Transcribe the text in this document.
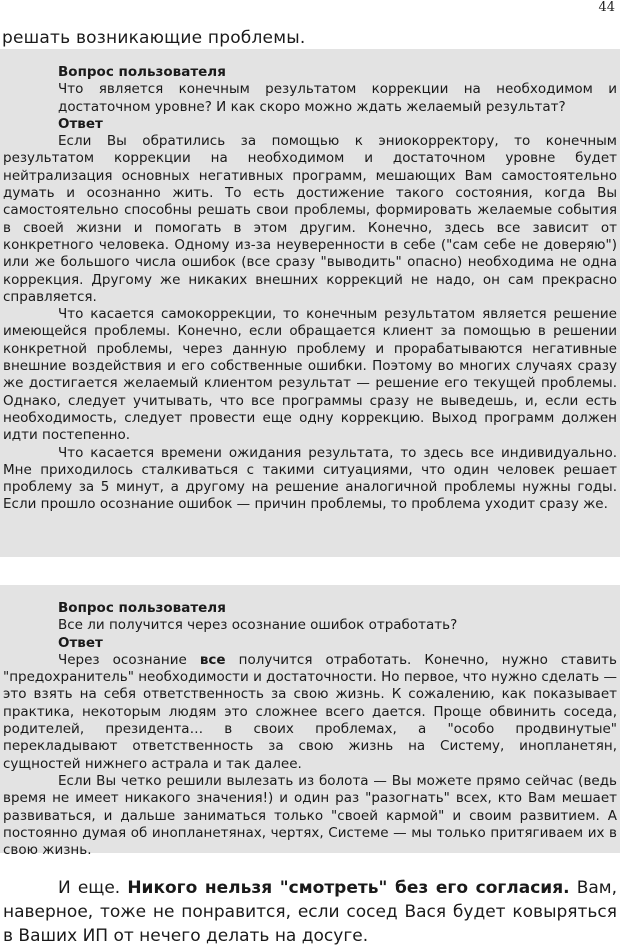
44

решать возникающие проблемы.

Вопрос пользователя

Что является конечным результатом коррекции на необходимом и достаточном уровне? И как скоро можно ждать желаемый результат?

Ответ

Если Вы обратились за помощью к эниокорректору, то конечным результатом коррекции на необходимом и достаточном уровне будет нейтрализация основных негативных программ, мешающих Вам самостоятельно думать и осознанно жить. То есть достижение такого состояния, когда Вы самостоятельно способны решать свои проблемы, формировать желаемые события в своей жизни и помогать в этом другим. Конечно, здесь все зависит от конкретного человека. Одному из-за неуверенности в себе ("сам себе не доверяю") или же большого числа ошибок (все сразу "выводить" опасно) необходима не одна коррекция. Другому же никаких внешних коррекций не надо, он сам прекрасно справляется.

Что касается самокоррекции, то конечным результатом является решение имеющейся проблемы. Конечно, если обращается клиент за помощью в решении конкретной проблемы, через данную проблему и прорабатываются негативные внешние воздействия и его собственные ошибки. Поэтому во многих случаях сразу же достигается желаемый клиентом результат — решение его текущей проблемы. Однако, следует учитывать, что все программы сразу не выведешь, и, если есть необходимость, следует провести еще одну коррекцию. Выход программ должен идти постепенно.

Что касается времени ожидания результата, то здесь все индивидуально. Мне приходилось сталкиваться с такими ситуациями, что один человек решает проблему за 5 минут, а другому на решение аналогичной проблемы нужны годы. Если прошло осознание ошибок — причин проблемы, то проблема уходит сразу же.

Вопрос пользователя

Все ли получится через осознание ошибок отработать?

Ответ

Через осознание все получится отработать. Конечно, нужно ставить "предохранитель" необходимости и достаточности. Но первое, что нужно сделать — это взять на себя ответственность за свою жизнь. К сожалению, как показывает практика, некоторым людям это сложнее всего дается. Проще обвинить соседа, родителей, президента… в своих проблемах, а "особо продвинутые" перекладывают ответственность за свою жизнь на Систему, инопланетян, сущностей нижнего астрала и так далее.

Если Вы четко решили вылезать из болота — Вы можете прямо сейчас (ведь время не имеет никакого значения!) и один раз "разогнать" всех, кто Вам мешает развиваться, и дальше заниматься только "своей кармой" и своим развитием. А постоянно думая об инопланетянах, чертях, Системе — мы только притягиваем их в свою жизнь.

И еще. Никого нельзя "смотреть" без его согласия. Вам, наверное, тоже не понравится, если сосед Вася будет ковыряться в Ваших ИП от нечего делать на досуге.
